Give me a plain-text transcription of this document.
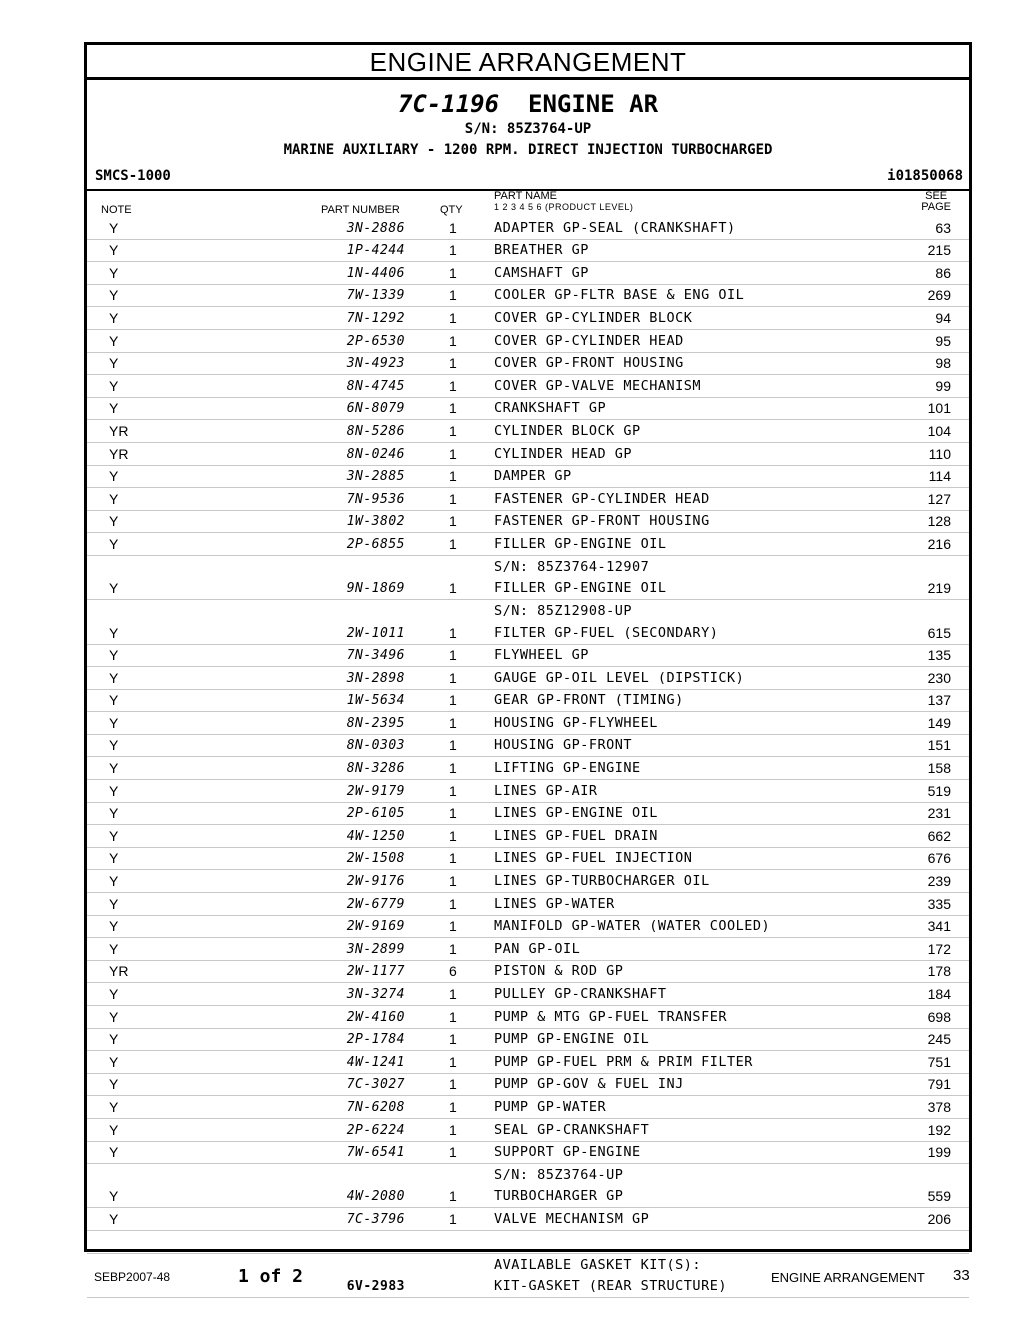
ENGINE ARRANGEMENT
7C-1196 ENGINE AR
S/N: 85Z3764-UP
MARINE AUXILIARY - 1200 RPM. DIRECT INJECTION TURBOCHARGED
SMCS-1000	i01850068
NOTE	PART NUMBER	QTY
PART NAME
1 2 3 4 5 6 (PRODUCT LEVEL)
SEE
PAGE
Y	3N-2886	1	ADAPTER GP-SEAL (CRANKSHAFT)	63
Y	1P-4244	1	BREATHER GP	215
Y	1N-4406	1	CAMSHAFT GP	86
Y	7W-1339	1	COOLER GP-FLTR BASE & ENG OIL	269
Y	7N-1292	1	COVER GP-CYLINDER BLOCK	94
Y	2P-6530	1	COVER GP-CYLINDER HEAD	95
Y	3N-4923	1	COVER GP-FRONT HOUSING	98
Y	8N-4745	1	COVER GP-VALVE MECHANISM	99
Y	6N-8079	1	CRANKSHAFT GP	101
YR	8N-5286	1	CYLINDER BLOCK GP	104
YR	8N-0246	1	CYLINDER HEAD GP	110
Y	3N-2885	1	DAMPER GP	114
Y	7N-9536	1	FASTENER GP-CYLINDER HEAD	127
Y	1W-3802	1	FASTENER GP-FRONT HOUSING	128
Y	2P-6855	1	FILLER GP-ENGINE OIL	216
S/N: 85Z3764-12907
Y	9N-1869	1	FILLER GP-ENGINE OIL	219
S/N: 85Z12908-UP
Y	2W-1011	1	FILTER GP-FUEL (SECONDARY)	615
Y	7N-3496	1	FLYWHEEL GP	135
Y	3N-2898	1	GAUGE GP-OIL LEVEL (DIPSTICK)	230
Y	1W-5634	1	GEAR GP-FRONT (TIMING)	137
Y	8N-2395	1	HOUSING GP-FLYWHEEL	149
Y	8N-0303	1	HOUSING GP-FRONT	151
Y	8N-3286	1	LIFTING GP-ENGINE	158
Y	2W-9179	1	LINES GP-AIR	519
Y	2P-6105	1	LINES GP-ENGINE OIL	231
Y	4W-1250	1	LINES GP-FUEL DRAIN	662
Y	2W-1508	1	LINES GP-FUEL INJECTION	676
Y	2W-9176	1	LINES GP-TURBOCHARGER OIL	239
Y	2W-6779	1	LINES GP-WATER	335
Y	2W-9169	1	MANIFOLD GP-WATER (WATER COOLED)	341
Y	3N-2899	1	PAN GP-OIL	172
YR	2W-1177	6	PISTON & ROD GP	178
Y	3N-3274	1	PULLEY GP-CRANKSHAFT	184
Y	2W-4160	1	PUMP & MTG GP-FUEL TRANSFER	698
Y	2P-1784	1	PUMP GP-ENGINE OIL	245
Y	4W-1241	1	PUMP GP-FUEL PRM & PRIM FILTER	751
Y	7C-3027	1	PUMP GP-GOV & FUEL INJ	791
Y	7N-6208	1	PUMP GP-WATER	378
Y	2P-6224	1	SEAL GP-CRANKSHAFT	192
Y	7W-6541	1	SUPPORT GP-ENGINE	199
S/N: 85Z3764-UP
Y	4W-2080	1	TURBOCHARGER GP	559
Y	7C-3796	1	VALVE MECHANISM GP	206
AVAILABLE GASKET KIT(S):
6V-2983	KIT-GASKET (REAR STRUCTURE)
SEBP2007-48	1 of 2	ENGINE ARRANGEMENT 33
